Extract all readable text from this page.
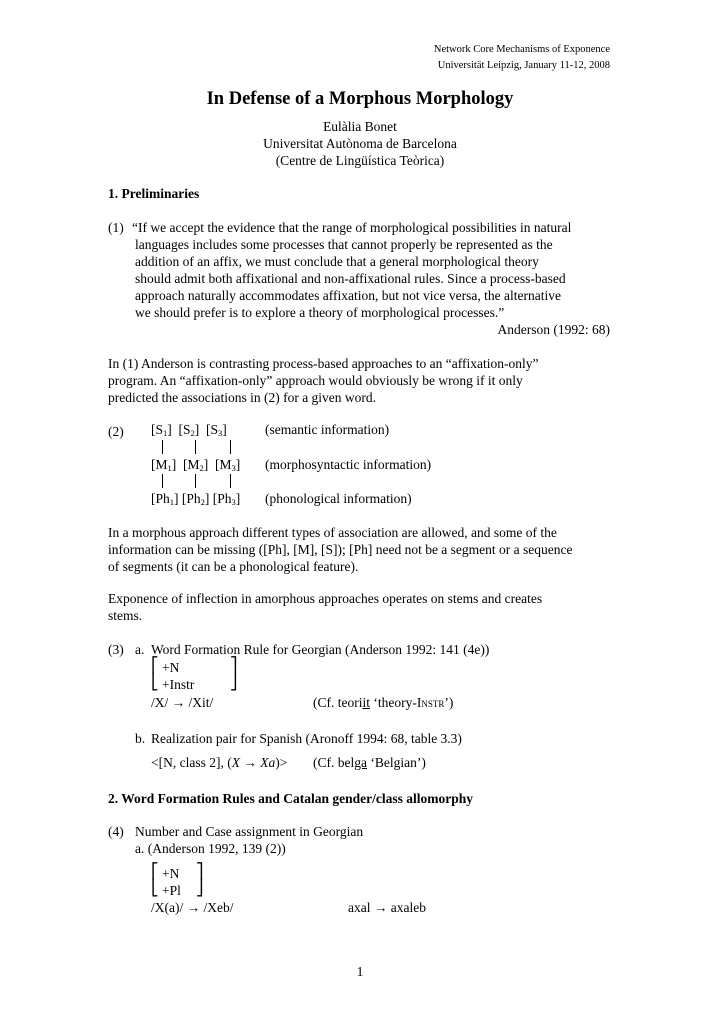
Network Core Mechanisms of Exponence
Universität Leipzig, January 11-12, 2008
In Defense of a Morphous Morphology
Eulàlia Bonet
Universitat Autònoma de Barcelona
(Centre de Lingüística Teòrica)
1. Preliminaries
(1) “If we accept the evidence that the range of morphological possibilities in natural
languages includes some processes that cannot properly be represented as the
addition of an affix, we must conclude that a general morphological theory
should admit both affixational and non-affixational rules. Since a process-based
approach naturally accommodates affixation, but not vice versa, the alternative
we should prefer is to explore a theory of morphological processes.”
Anderson (1992: 68)
In (1) Anderson is contrasting process-based approaches to an “affixation-only”
program. An “affixation-only” approach would obviously be wrong if it only
predicted the associations in (2) for a given word.
(2) $[S_1]$  $[S_2]$  $[S_3]$	(semantic information)
$[M_1]$  $[M_2]$  $[M_3]$ (morphosyntactic information)
$[Ph_1]$ $[Ph_2]$ $[Ph_3]$ (phonological information)
In a morphous approach different types of association are allowed, and some of the
information can be missing ([Ph], [M], [S]); [Ph] need not be a segment or a sequence
of segments (it can be a phonological feature).
Exponence of inflection in amorphous approaches operates on stems and creates
stems.
(3) a. Word Formation Rule for Georgian (Anderson 1992: 141 (4e))
⎡ +N	⎤
⎣ +Instr ⎦
/X/ → /Xit/	(Cf. teoriit ‘theory-Instr’)
b. Realization pair for Spanish (Aronoff 1994: 68, table 3.3)
<[N, class 2], (X → Xa)> (Cf. belga ‘Belgian’)
2. Word Formation Rules and Catalan gender/class allomorphy
(4) Number and Case assignment in Georgian
a. (Anderson 1992, 139 (2))
⎡ +N ⎤
⎣ +Pl ⎦
/X(a)/ → /Xeb/	axal → axaleb
1
